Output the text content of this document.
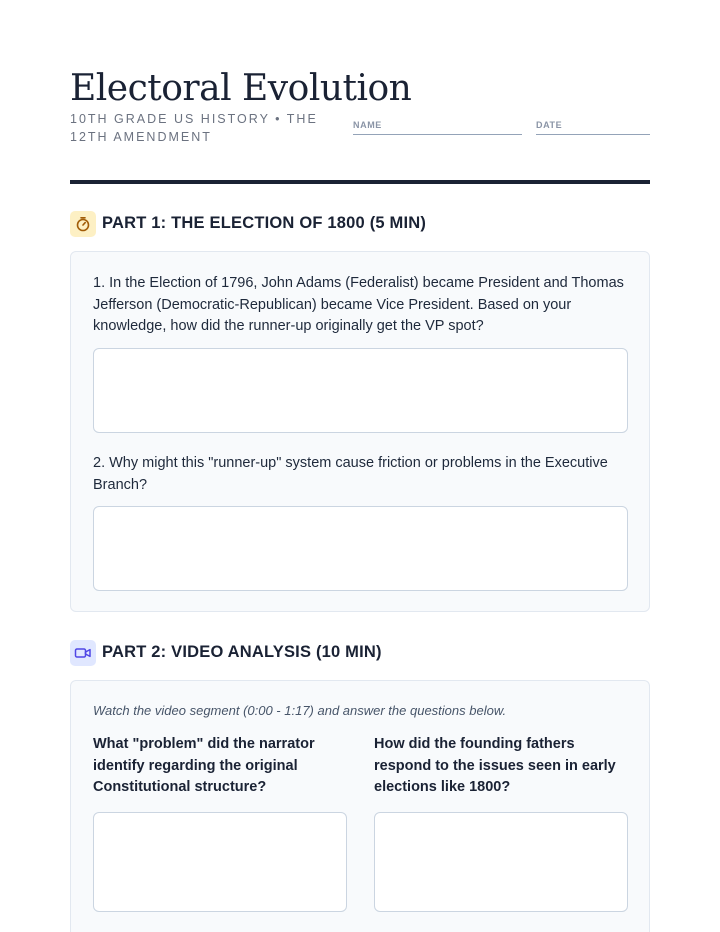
Electoral Evolution
10TH GRADE US HISTORY • THE 12TH AMENDMENT
NAME	DATE
PART 1: THE ELECTION OF 1800 (5 MIN)
1. In the Election of 1796, John Adams (Federalist) became President and Thomas Jefferson (Democratic-Republican) became Vice President. Based on your knowledge, how did the runner-up originally get the VP spot?
2. Why might this "runner-up" system cause friction or problems in the Executive Branch?
PART 2: VIDEO ANALYSIS (10 MIN)
Watch the video segment (0:00 - 1:17) and answer the questions below.
What "problem" did the narrator identify regarding the original Constitutional structure?
How did the founding fathers respond to the issues seen in early elections like 1800?
